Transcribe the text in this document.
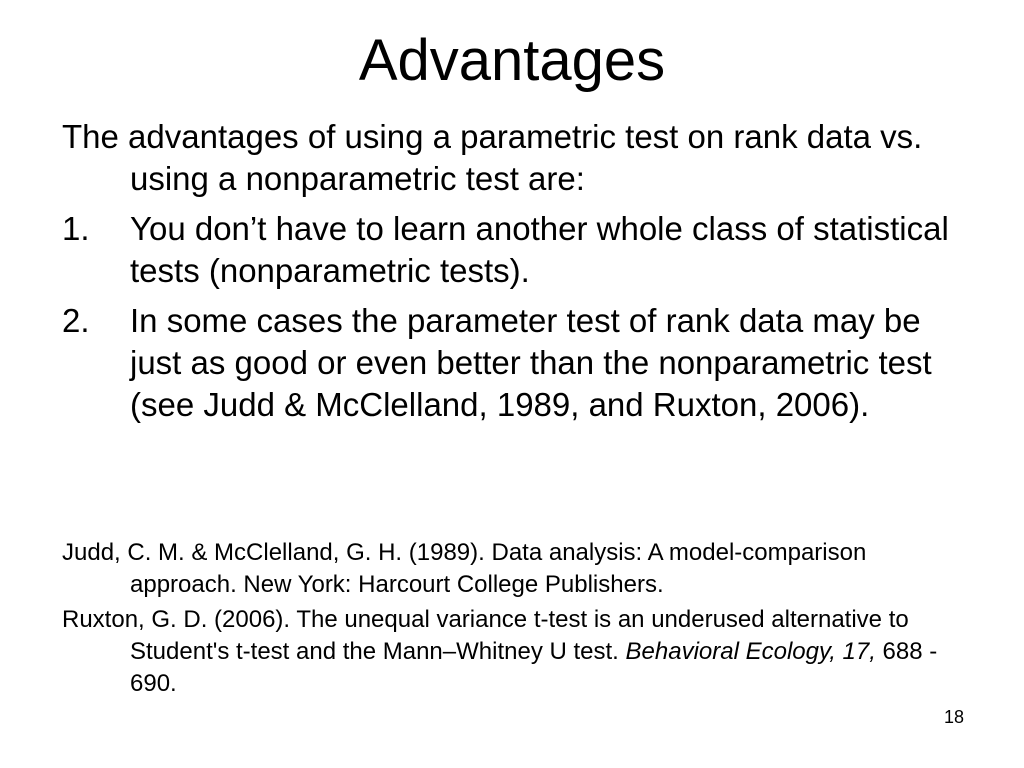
Advantages

The advantages of using a parametric test on rank data vs. using a nonparametric test are:

1. You don’t have to learn another whole class of statistical tests (nonparametric tests).
2. In some cases the parameter test of rank data may be just as good or even better than the nonparametric test (see Judd & McClelland, 1989, and Ruxton, 2006).

Judd, C. M. & McClelland, G. H. (1989). Data analysis: A model-comparison approach. New York: Harcourt College Publishers.

Ruxton, G. D. (2006). The unequal variance t-test is an underused alternative to Student's t-test and the Mann–Whitney U test. Behavioral Ecology, 17, 688 - 690.

18
